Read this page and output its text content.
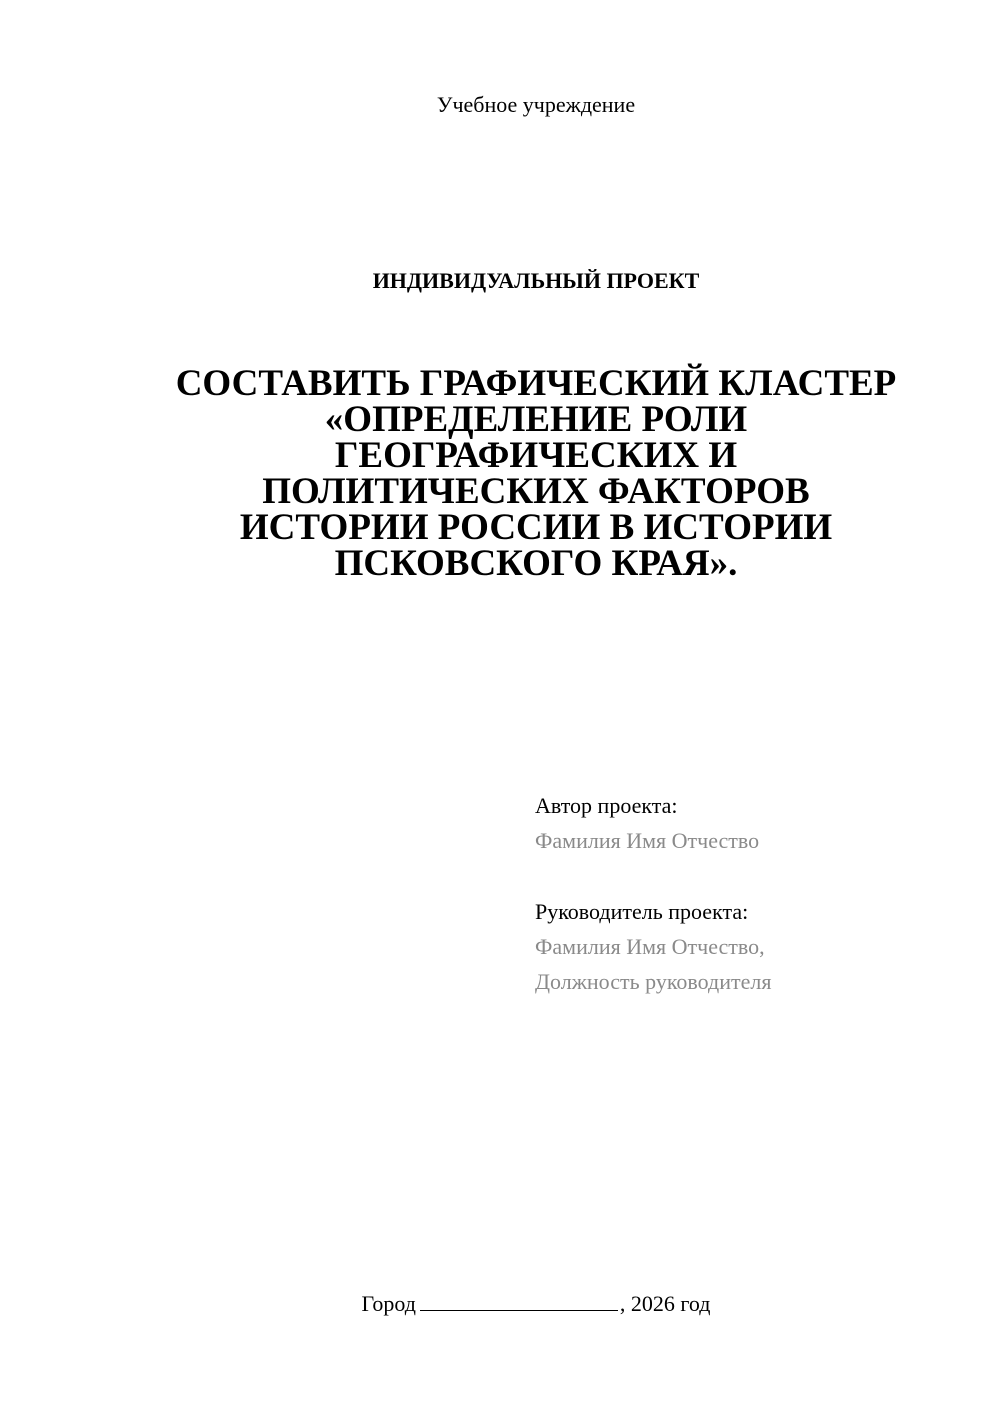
Учебное учреждение
ИНДИВИДУАЛЬНЫЙ ПРОЕКТ
СОСТАВИТЬ ГРАФИЧЕСКИЙ КЛАСТЕР
«ОПРЕДЕЛЕНИЕ РОЛИ
ГЕОГРАФИЧЕСКИХ И
ПОЛИТИЧЕСКИХ ФАКТОРОВ
ИСТОРИИ РОССИИ В ИСТОРИИ
ПСКОВСКОГО КРАЯ».
Автор проекта:
Фамилия Имя Отчество
Руководитель проекта:
Фамилия Имя Отчество,
Должность руководителя
Город	, 2026 год
